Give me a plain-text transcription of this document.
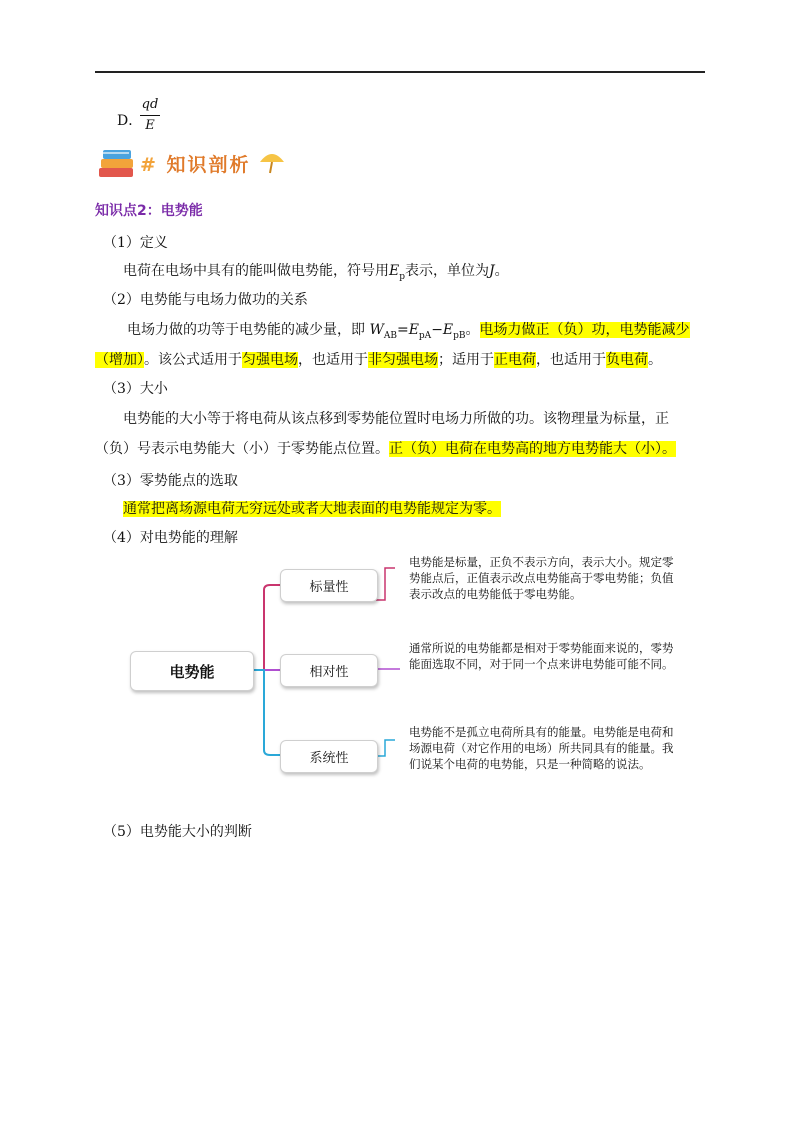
D．
qd
E
# 知识剖析
知识点2：电势能
（1）定义
电荷在电场中具有的能叫做电势能，符号用$E_p$表示，单位为J。
（2）电势能与电场力做功的关系
电场力做的功等于电势能的减少量，即 $W_{AB}=E_{pA}-E_{pB}$。电场力做正（负）功，电势能减少
（增加）。该公式适用于匀强电场，也适用于非匀强电场；适用于正电荷，也适用于负电荷。
（3）大小
电势能的大小等于将电荷从该点移到零势能位置时电场力所做的功。该物理量为标量，正
（负）号表示电势能大（小）于零势能点位置。正（负）电荷在电势高的地方电势能大（小）。
（3）零势能点的选取
通常把离场源电荷无穷远处或者大地表面的电势能规定为零。
（4）对电势能的理解
电势能
标量性
相对性
系统性
电势能是标量，正负不表示方向，表示大小。规定零势能点后，正值表示改点电势能高于零电势能；负值表示改点的电势能低于零电势能。
通常所说的电势能都是相对于零势能面来说的，零势能面选取不同，对于同一个点来讲电势能可能不同。
电势能不是孤立电荷所具有的能量。电势能是电荷和场源电荷（对它作用的电场）所共同具有的能量。我们说某个电荷的电势能，只是一种简略的说法。
（5）电势能大小的判断
